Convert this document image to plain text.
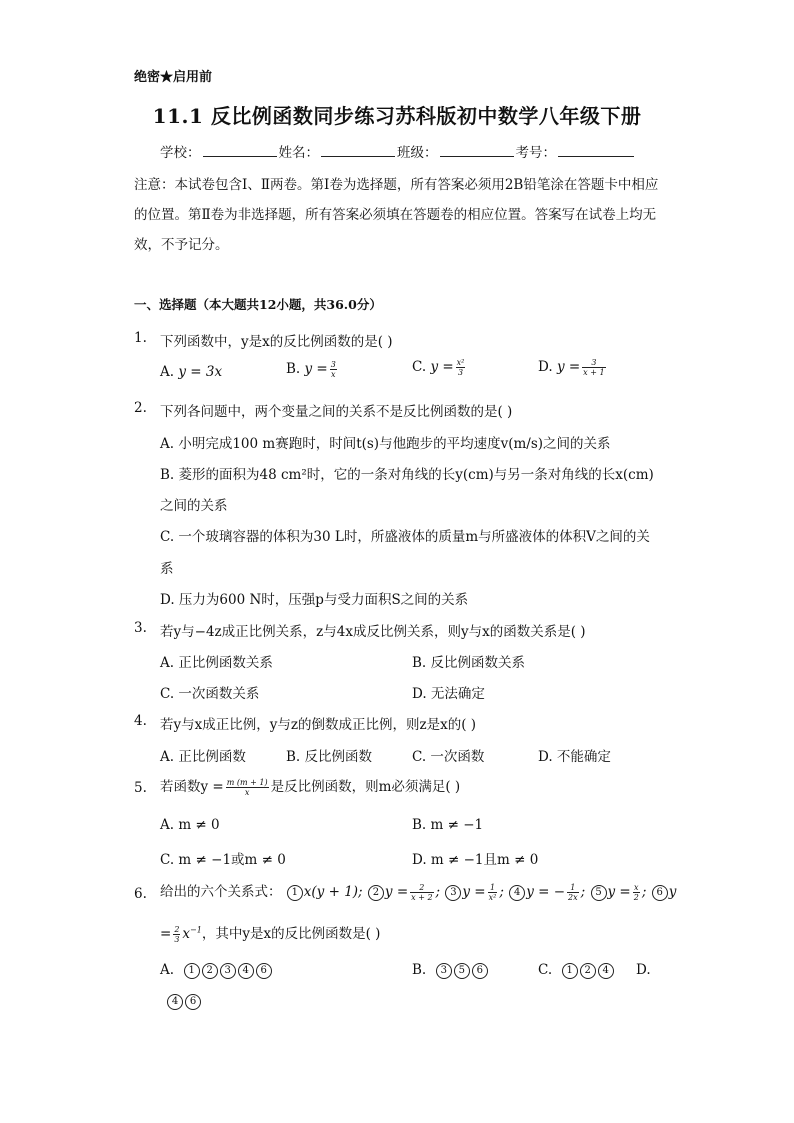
绝密★启用前
11.1 反比例函数同步练习苏科版初中数学八年级下册
学校：	姓名：	班级：	考号：
注意：本试卷包含Ⅰ、Ⅱ两卷。第Ⅰ卷为选择题，所有答案必须用2B铅笔涂在答题卡中相应的位置。第Ⅱ卷为非选择题，所有答案必须填在答题卷的相应位置。答案写在试卷上均无效，不予记分。
一、选择题（本大题共12小题，共36.0分）
1. 下列函数中，y是x的反比例函数的是( )
A. y = 3x	B. $y = \frac{3}{x}$	C. $y = \frac{\text{x²}}{3}$	D. $y = \frac{3}{x + 1}$
2. 下列各问题中，两个变量之间的关系不是反比例函数的是( )
A. 小明完成100 m赛跑时，时间t(s)与他跑步的平均速度v(m/s)之间的关系
B. 菱形的面积为48 cm²时，它的一条对角线的长y(cm)与另一条对角线的长x(cm)
之间的关系
C. 一个玻璃容器的体积为30 L时，所盛液体的质量m与所盛液体的体积V之间的关
系
D. 压力为600 N时，压强p与受力面积S之间的关系
3. 若y与−4z成正比例关系，z与4x成反比例关系，则y与x的函数关系是( )
A. 正比例函数关系	B. 反比例函数关系
C. 一次函数关系	D. 无法确定
4. 若y与x成正比例，y与z的倒数成正比例，则z是x的( )
A. 正比例函数	B. 反比例函数	C. 一次函数	D. 不能确定
5. 若函数$y = \frac{m (m + 1)}{x}$ 是反比例函数，则m必须满足( )
A. m ≠ 0	B. m ≠ −1
C. m ≠ −1或m ≠ 0	D. m ≠ −1且m ≠ 0
6. 给出的六个关系式： 1 x(y + 1); 2 $y = \frac{2}{x + 2}$ ; 3 $y = \frac{1}{\text{x²}}$ ; 4 y = − $\frac{1}{2x}$ ; 5 $y = \frac{x}{2}$ ; 6 y
= $\frac{2}{3} x^{-1}$，其中y是x的反比例函数是( )
A. 1 2 3 4 6	B. 3 5 6	C. 1 2 4	D.
4 6
